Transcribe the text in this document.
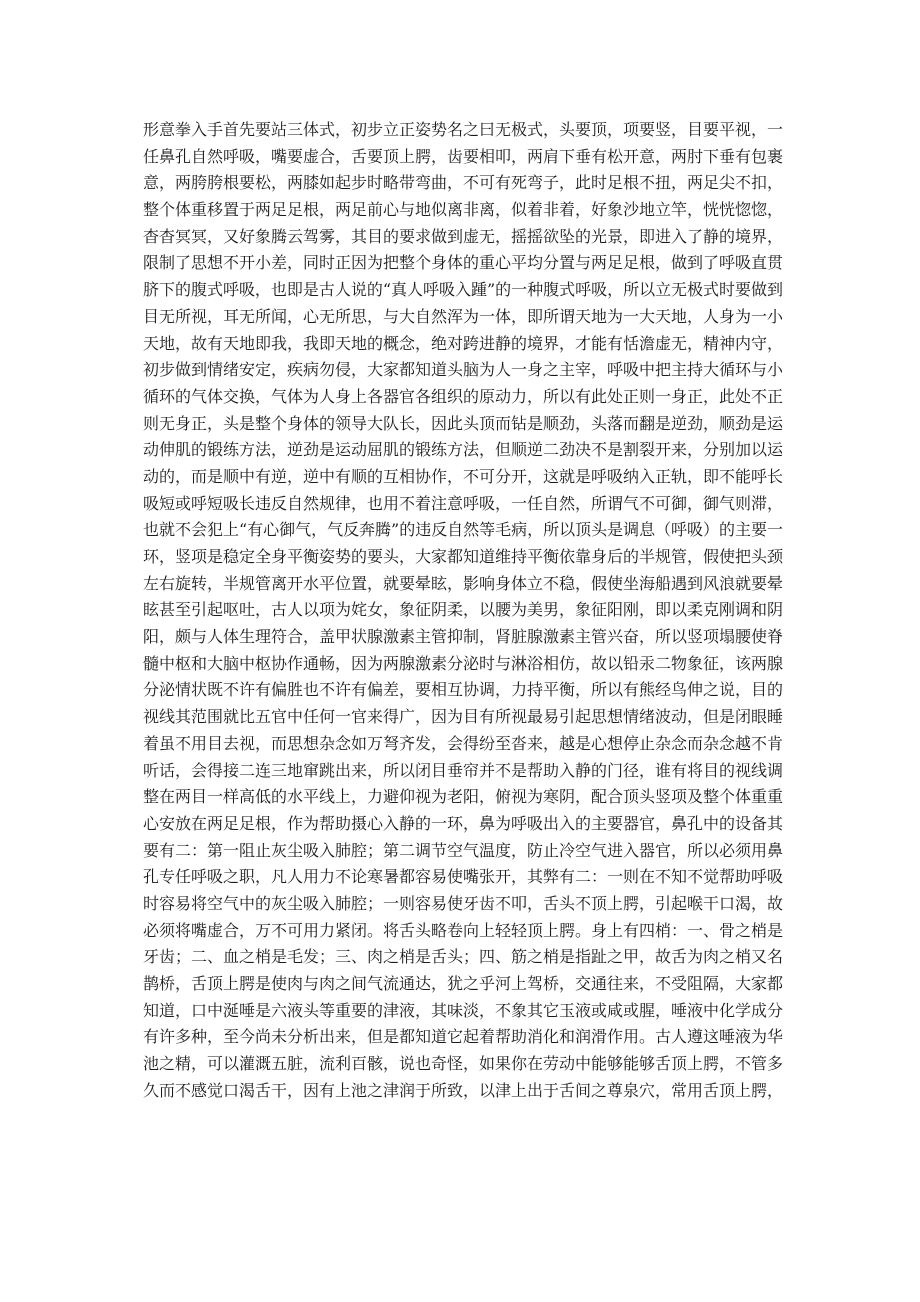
形意拳入手首先要站三体式，初步立正姿势名之曰无极式，头要顶，项要竖，目要平视，一
任鼻孔自然呼吸，嘴要虚合，舌要顶上腭，齿要相叩，两肩下垂有松开意，两肘下垂有包裹
意，两胯胯根要松，两膝如起步时略带弯曲，不可有死弯子，此时足根不扭，两足尖不扣，
整个体重移置于两足足根，两足前心与地似离非离，似着非着，好象沙地立竿，恍恍惚惚，
杳杳冥冥，又好象腾云驾雾，其目的要求做到虚无，摇摇欲坠的光景，即进入了静的境界，
限制了思想不开小差，同时正因为把整个身体的重心平均分置与两足足根，做到了呼吸直贯
脐下的腹式呼吸，也即是古人说的“真人呼吸入踵”的一种腹式呼吸，所以立无极式时要做到
目无所视，耳无所闻，心无所思，与大自然浑为一体，即所谓天地为一大天地，人身为一小
天地，故有天地即我，我即天地的概念，绝对跨进静的境界，才能有恬澹虚无，精神内守，
初步做到情绪安定，疾病勿侵，大家都知道头脑为人一身之主宰，呼吸中把主持大循环与小
循环的气体交换，气体为人身上各器官各组织的原动力，所以有此处正则一身正，此处不正
则无身正，头是整个身体的领导大队长，因此头顶而钻是顺劲，头落而翻是逆劲，顺劲是运
动伸肌的锻练方法，逆劲是运动屈肌的锻练方法，但顺逆二劲决不是割裂开来，分别加以运
动的，而是顺中有逆，逆中有顺的互相协作，不可分开，这就是呼吸纳入正轨，即不能呼长
吸短或呼短吸长违反自然规律，也用不着注意呼吸，一任自然，所谓气不可御，御气则滞，
也就不会犯上“有心御气，气反奔腾”的违反自然等毛病，所以顶头是调息（呼吸）的主要一
环，竖项是稳定全身平衡姿势的要头，大家都知道维持平衡依靠身后的半规管，假使把头颈
左右旋转，半规管离开水平位置，就要晕眩，影响身体立不稳，假使坐海船遇到风浪就要晕
眩甚至引起呕吐，古人以项为姹女，象征阴柔，以腰为美男，象征阳刚，即以柔克刚调和阴
阳，颇与人体生理符合，盖甲状腺激素主管抑制，肾脏腺激素主管兴奋，所以竖项塌腰使脊
髓中枢和大脑中枢协作通畅，因为两腺激素分泌时与淋浴相仿，故以铅汞二物象征，该两腺
分泌情状既不许有偏胜也不许有偏差，要相互协调，力持平衡，所以有熊经鸟伸之说，目的
视线其范围就比五官中任何一官来得广，因为目有所视最易引起思想情绪波动，但是闭眼睡
着虽不用目去视，而思想杂念如万弩齐发，会得纷至沓来，越是心想停止杂念而杂念越不肯
听话，会得接二连三地窜跳出来，所以闭目垂帘并不是帮助入静的门径，谁有将目的视线调
整在两目一样高低的水平线上，力避仰视为老阳，俯视为寒阴，配合顶头竖项及整个体重重
心安放在两足足根，作为帮助摄心入静的一环，鼻为呼吸出入的主要器官，鼻孔中的设备其
要有二：第一阻止灰尘吸入肺腔；第二调节空气温度，防止冷空气进入器官，所以必须用鼻
孔专任呼吸之职，凡人用力不论寒暑都容易使嘴张开，其弊有二：一则在不知不觉帮助呼吸
时容易将空气中的灰尘吸入肺腔；一则容易使牙齿不叩，舌头不顶上腭，引起喉干口渴，故
必须将嘴虚合，万不可用力紧闭。将舌头略卷向上轻轻顶上腭。身上有四梢：一、骨之梢是
牙齿；二、血之梢是毛发；三、肉之梢是舌头；四、筋之梢是指趾之甲，故舌为肉之梢又名
鹊桥，舌顶上腭是使肉与肉之间气流通达，犹之乎河上驾桥，交通往来，不受阻隔，大家都
知道，口中涎唾是六液头等重要的津液，其味淡，不象其它玉液或咸或腥，唾液中化学成分
有许多种，至今尚未分析出来，但是都知道它起着帮助消化和润滑作用。古人遵这唾液为华
池之精，可以灌溉五脏，流利百骸，说也奇怪，如果你在劳动中能够能够舌顶上腭，不管多
久而不感觉口渴舌干，因有上池之津润于所致，以津上出于舌间之尊泉穴，常用舌顶上腭，
